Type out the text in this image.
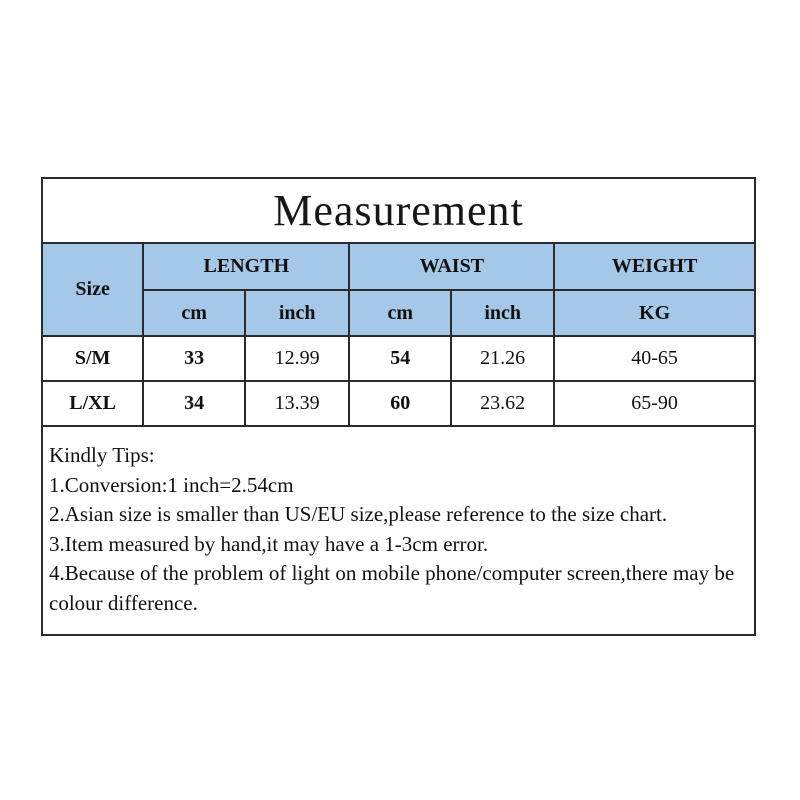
Measurement
Size	LENGTH		WAIST		WEIGHT
	cm	inch	cm	inch	KG
S/M	33	12.99	54	21.26	40-65
L/XL	34	13.39	60	23.62	65-90

Kindly Tips:

1.Conversion:1 inch=2.54cm

2.Asian size is smaller than US/EU size,please reference to the size chart.

3.Item measured by hand,it may have a 1-3cm error.

4.Because of the problem of light on mobile phone/computer screen,there may be colour difference.
